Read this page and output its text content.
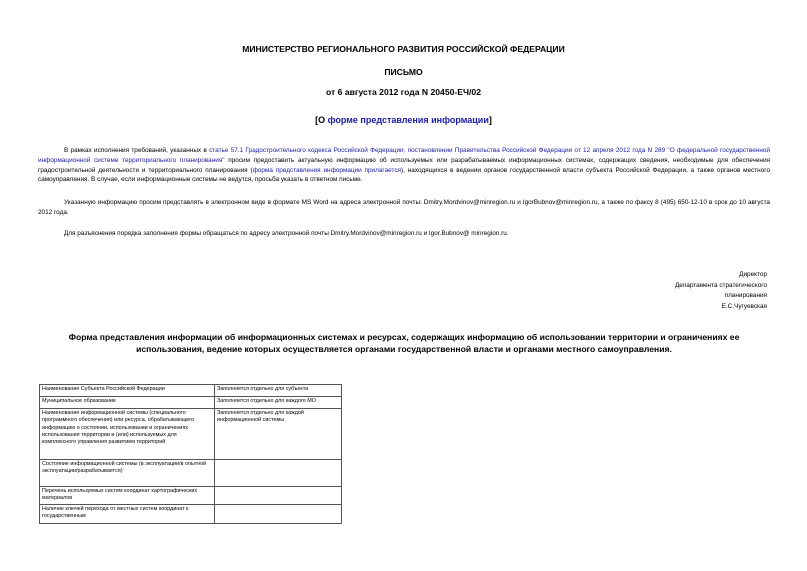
МИНИСТЕРСТВО РЕГИОНАЛЬНОГО РАЗВИТИЯ РОССИЙСКОЙ ФЕДЕРАЦИИ
ПИСЬМО
от 6 августа 2012 года N 20450-ЕЧ/02
[О форме представления информации]

В рамках исполнения требований, указанных в статье 57.1 Градостроительного кодекса Российской Федерации, постановлении Правительства Российской Федерации от 12 апреля 2012 года N 289 "О федеральной государственной информационной системе территориального планирования" просим предоставить актуальную информацию об используемых или разрабатываемых информационных системах, содержащих сведения, необходимые для обеспечения градостроительной деятельности и территориального планирования (форма представления информации прилагается), находящихся в ведении органов государственной власти субъекта Российской Федерации, а также органов местного самоуправления. В случае, если информационные системы не ведутся, просьба указать в ответном письме.

Указанную информацию просим представлять в электронном виде в формате MS Word на адреса электронной почты: Dmitry.Mordvinov@minregion.ru и IgorBubnov@minregion.ru, а также по факсу 8 (495) 650-12-10 в срок до 10 августа 2012 года.

Для разъяснения порядка заполнения формы обращаться по адресу электронной почты Dmitry.Mordvinov@minregion.ru и Igor.Bubnov@ minregion.ru.

Директор
Департамента стратегического
планирования
Е.С.Чугуевская
Форма представления информации об информационных системах и ресурсах, содержащих информацию об использовании территории и ограничениях ее использования, ведение которых осуществляется органами государственной власти и органами местного самоуправления.
Наименование Субъекта Российской Федерации	Заполняется отдельно для субъекта
Муниципальное образование	Заполняется отдельно для каждого МО
Наименование информационной системы (специального программного обеспечения) или ресурса, обрабатывающего информацию о состоянии, использовании и ограничениях использования территории и (или) используемых для комплексного управления развитием территорий	Заполняется отдельно для каждой информационной системы
Состояние информационной системы (в эксплуатации/в опытной эксплуатации/разрабатывается)	
Перечень используемых систем координат картографических материалов	
Наличие ключей перехода от местных систем координат к государственным	
